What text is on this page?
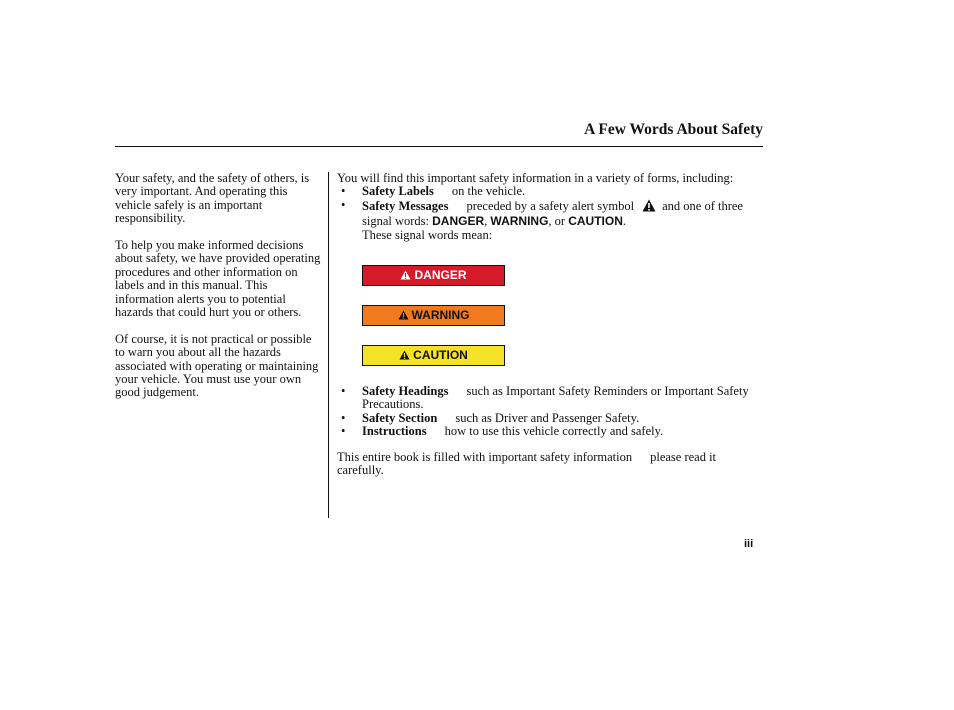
A Few Words About Safety

Your safety, and the safety of others, is very important. And operating this vehicle safely is an important responsibility.

To help you make informed decisions about safety, we have provided operating procedures and other information on labels and in this manual. This information alerts you to potential hazards that could hurt you or others.

Of course, it is not practical or possible to warn you about all the hazards associated with operating or maintaining your vehicle. You must use your own good judgement.

You will find this important safety information in a variety of forms, including:

• Safety Labels on the vehicle.
• Safety Messages preceded by a safety alert symbol and one of three signal words: DANGER, WARNING, or CAUTION.
These signal words mean:
DANGER
WARNING
CAUTION
• Safety Headings such as Important Safety Reminders or Important Safety Precautions.
• Safety Section such as Driver and Passenger Safety.
• Instructions how to use this vehicle correctly and safely.
This entire book is filled with important safety information please read it carefully.
iii
